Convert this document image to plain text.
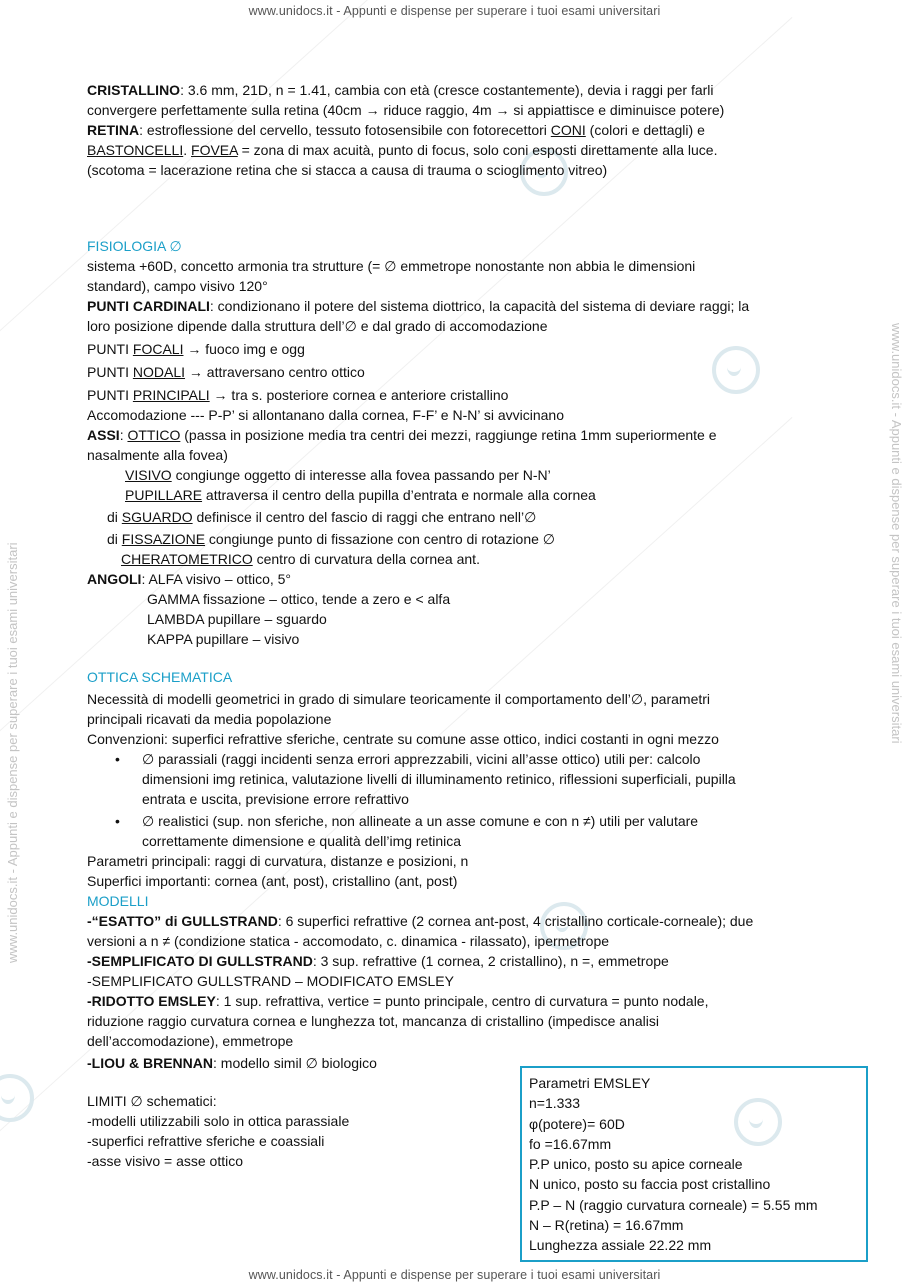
www.unidocs.it - Appunti e dispense per superare i tuoi esami universitari
www.unidocs.it - Appunti e dispense per superare i tuoi esami universitari
www.unidocs.it - Appunti e dispense per superare i tuoi esami universitari
www.unidocs.it - Appunti e dispense per superare i tuoi esami universitari
CRISTALLINO: 3.6 mm, 21D, n = 1.41, cambia con età (cresce costantemente), devia i raggi per farli
convergere perfettamente sulla retina (40cm → riduce raggio, 4m → si appiattisce e diminuisce potere)
RETINA: estroflessione del cervello, tessuto fotosensibile con fotorecettori CONI (colori e dettagli) e
BASTONCELLI. FOVEA = zona di max acuità, punto di focus, solo coni esposti direttamente alla luce.
(scotoma = lacerazione retina che si stacca a causa di trauma o scioglimento vitreo)
FISIOLOGIA ∅
sistema +60D, concetto armonia tra strutture (= ∅ emmetrope nonostante non abbia le dimensioni
standard), campo visivo 120°
PUNTI CARDINALI: condizionano il potere del sistema diottrico, la capacità del sistema di deviare raggi; la
loro posizione dipende dalla struttura dell’∅ e dal grado di accomodazione
PUNTI FOCALI → fuoco img e ogg
PUNTI NODALI → attraversano centro ottico
PUNTI PRINCIPALI → tra s. posteriore cornea e anteriore cristallino
Accomodazione --- P-P’ si allontanano dalla cornea, F-F’ e N-N’ si avvicinano
ASSI: OTTICO (passa in posizione media tra centri dei mezzi, raggiunge retina 1mm superiormente e
nasalmente alla fovea)
VISIVO congiunge oggetto di interesse alla fovea passando per N-N’
PUPILLARE attraversa il centro della pupilla d’entrata e normale alla cornea
di SGUARDO definisce il centro del fascio di raggi che entrano nell’∅
di FISSAZIONE congiunge punto di fissazione con centro di rotazione ∅
CHERATOMETRICO centro di curvatura della cornea ant.
ANGOLI: ALFA visivo – ottico, 5°
GAMMA fissazione – ottico, tende a zero e < alfa
LAMBDA pupillare – sguardo
KAPPA pupillare – visivo
OTTICA SCHEMATICA
Necessità di modelli geometrici in grado di simulare teoricamente il comportamento dell’∅, parametri
principali ricavati da media popolazione
Convenzioni: superfici refrattive sferiche, centrate su comune asse ottico, indici costanti in ogni mezzo
• ∅ parassiali (raggi incidenti senza errori apprezzabili, vicini all’asse ottico) utili per: calcolo
dimensioni img retinica, valutazione livelli di illuminamento retinico, riflessioni superficiali, pupilla
entrata e uscita, previsione errore refrattivo
• ∅ realistici (sup. non sferiche, non allineate a un asse comune e con n ≠) utili per valutare
correttamente dimensione e qualità dell’img retinica
Parametri principali: raggi di curvatura, distanze e posizioni, n
Superfici importanti: cornea (ant, post), cristallino (ant, post)
MODELLI
-“ESATTO” di GULLSTRAND: 6 superfici refrattive (2 cornea ant-post, 4 cristallino corticale-corneale); due
versioni a n ≠ (condizione statica - accomodato, c. dinamica - rilassato), ipermetrope
-SEMPLIFICATO DI GULLSTRAND: 3 sup. refrattive (1 cornea, 2 cristallino), n =, emmetrope
-SEMPLIFICATO GULLSTRAND – MODIFICATO EMSLEY
-RIDOTTO EMSLEY: 1 sup. refrattiva, vertice = punto principale, centro di curvatura = punto nodale,
riduzione raggio curvatura cornea e lunghezza tot, mancanza di cristallino (impedisce analisi
dell’accomodazione), emmetrope
-LIOU & BRENNAN: modello simil ∅ biologico
LIMITI ∅ schematici:
-modelli utilizzabili solo in ottica parassiale
-superfici refrattive sferiche e coassiali
-asse visivo = asse ottico
Parametri EMSLEY
n=1.333
φ(potere)= 60D
fo =16.67mm
P.P unico, posto su apice corneale
N unico, posto su faccia post cristallino
P.P – N (raggio curvatura corneale) = 5.55 mm
N – R(retina) = 16.67mm
Lunghezza assiale 22.22 mm
